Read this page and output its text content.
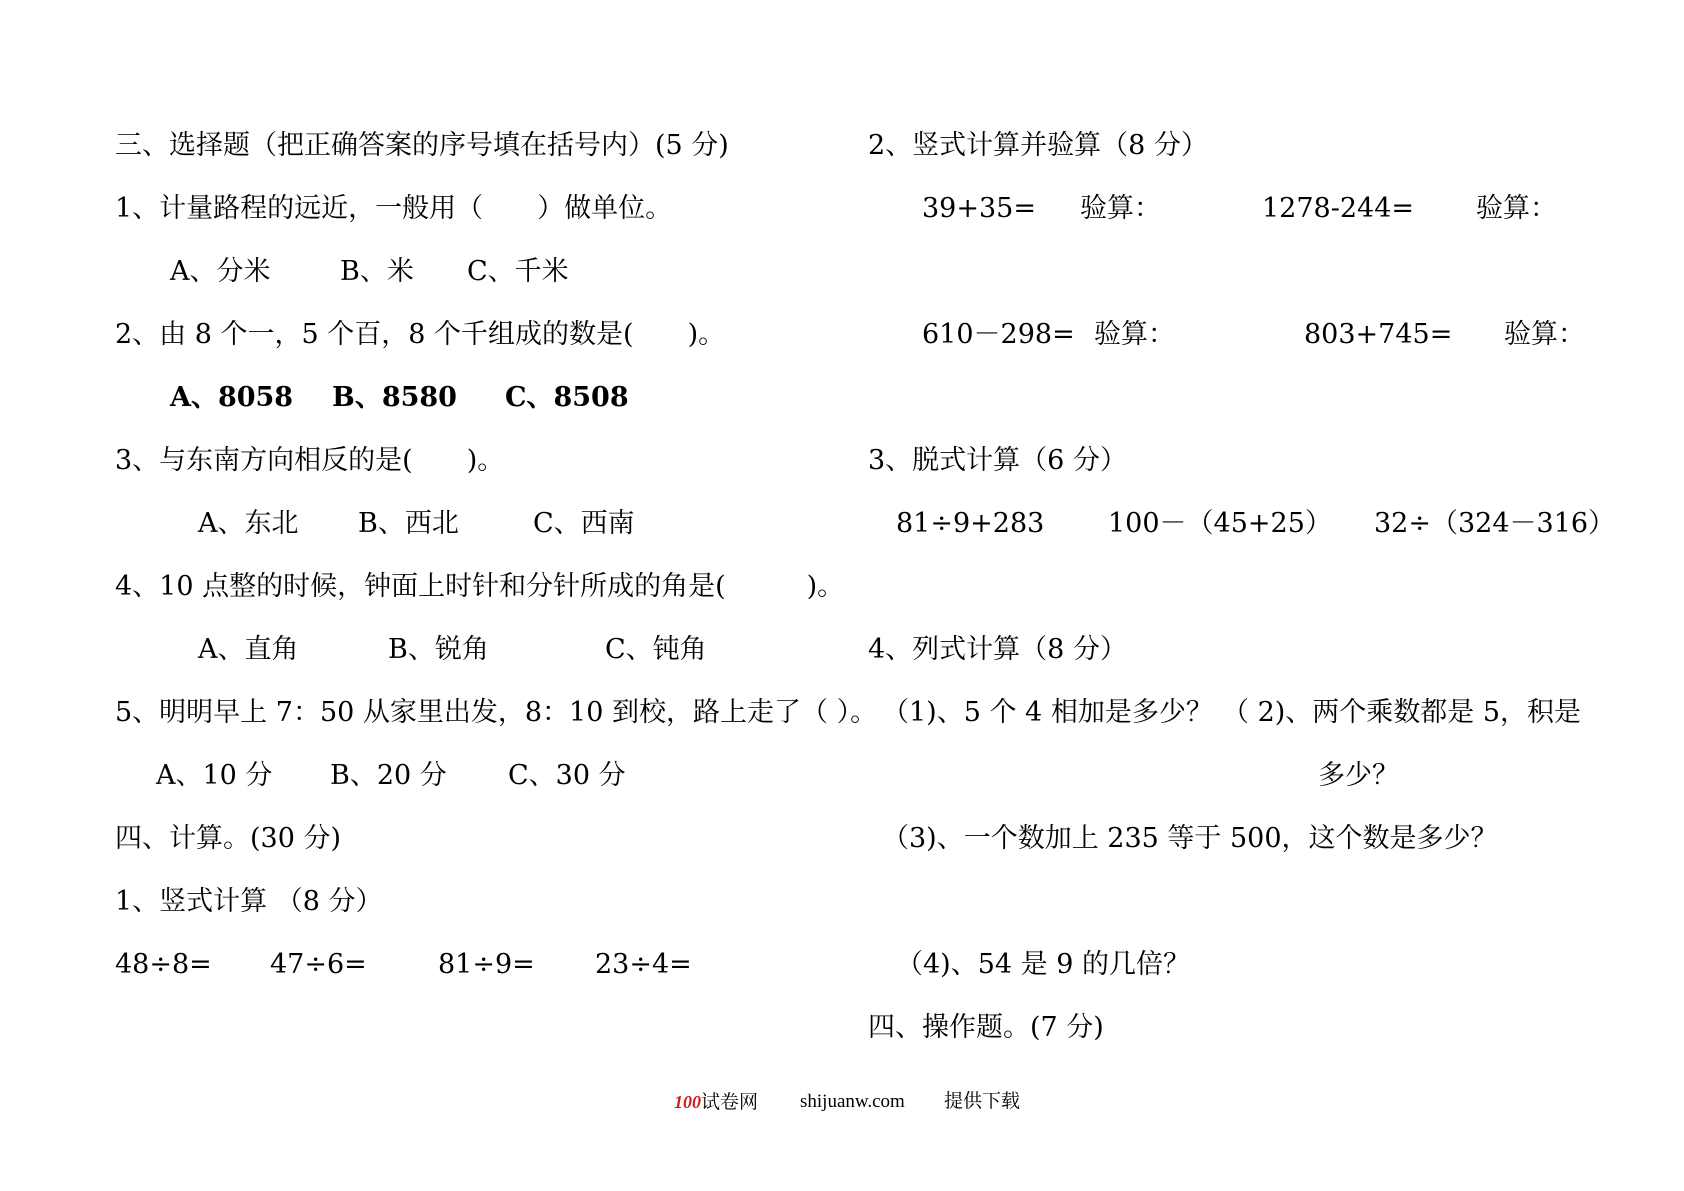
三、选择题（把正确答案的序号填在括号内）(5 分)
1、计量路程的远近，一般用（　　）做单位。
A、分米	B、米 C、千米
2、由 8 个一，5 个百，8 个千组成的数是(　　)。
A、8058 B、8580 C、8508
3、与东南方向相反的是(　　)。
A、东北 B、西北	C、西南
4、10 点整的时候，钟面上时针和分针所成的角是(　　　)。
A、直角	B、锐角	C、钝角
5、明明早上 7：50 从家里出发，8：10 到校，路上走了（ ）。
A、10 分 B、20 分 C、30 分
四、计算。(30 分)
1、竖式计算 （8 分）
48÷8= 47÷6=	81÷9= 23÷4=
2、竖式计算并验算（8 分）
39+35= 验算：	1278-244= 验算：
610－298= 验算：	803+745= 验算：
3、脱式计算（6 分）
81÷9+283 100－（45+25） 32÷（324－316）
4、列式计算（8 分）
（1)、5 个 4 相加是多少？ （ 2)、两个乘数都是 5，积是
多少？
（3)、一个数加上 235 等于 500，这个数是多少？
（4)、54 是 9 的几倍？
四、操作题。(7 分)
100试卷网 shijuanw.com 提供下载
